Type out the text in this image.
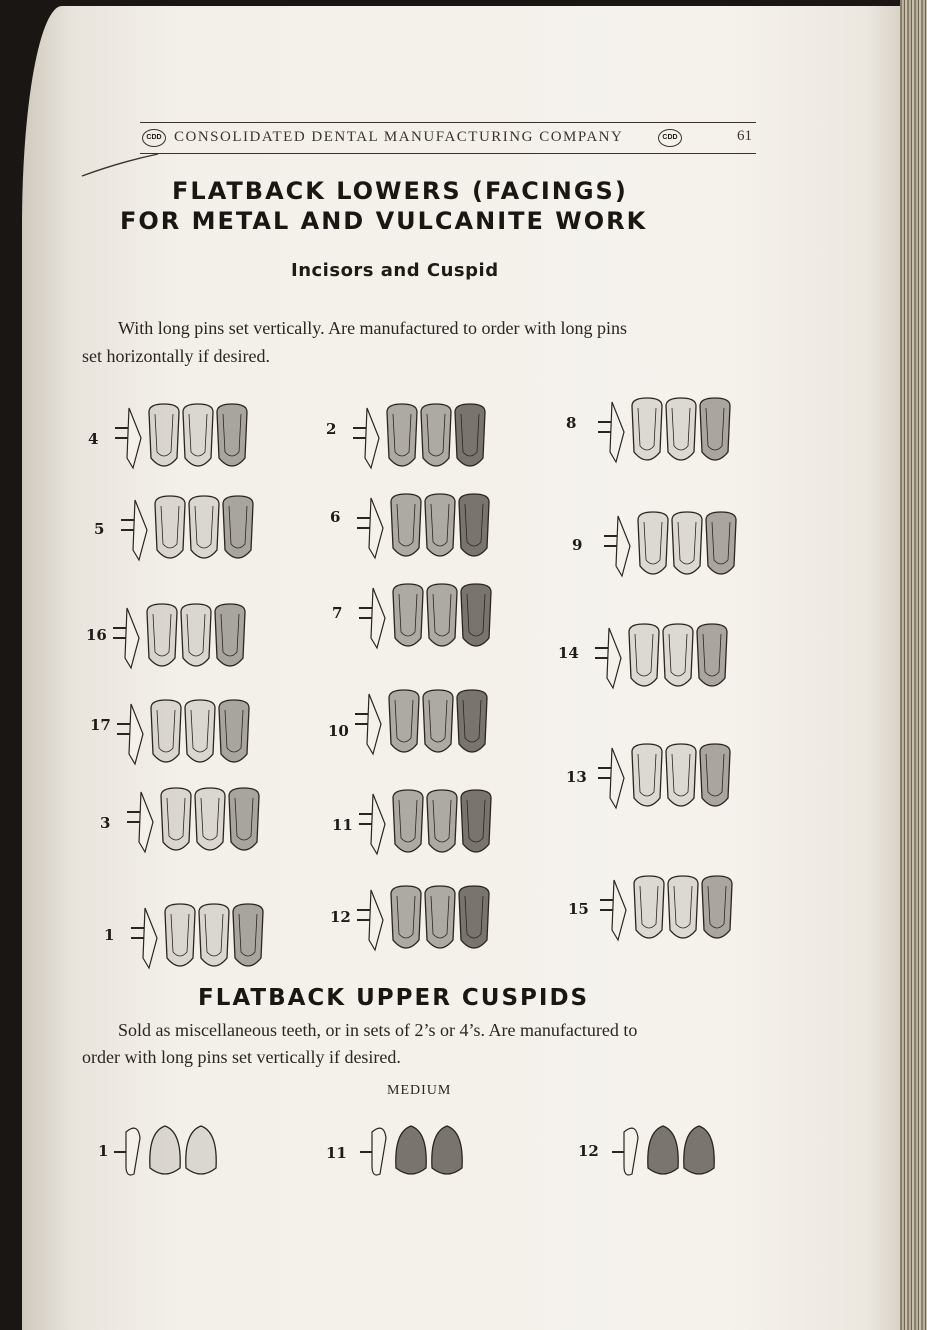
CDD CONSOLIDATED DENTAL MANUFACTURING COMPANY	CDD	61
FLATBACK LOWERS (FACINGS)
FOR METAL AND VULCANITE WORK
Incisors and Cuspid
With long pins set vertically. Are manufactured to order with long pins
set horizontally if desired.
4
2	8
5
6
9
16
7
14
17	10
13
3	11
15
1
12
FLATBACK UPPER CUSPIDS
Sold as miscellaneous teeth, or in sets of 2’s or 4’s. Are manufactured to
order with long pins set vertically if desired.
MEDIUM
1	11	12
